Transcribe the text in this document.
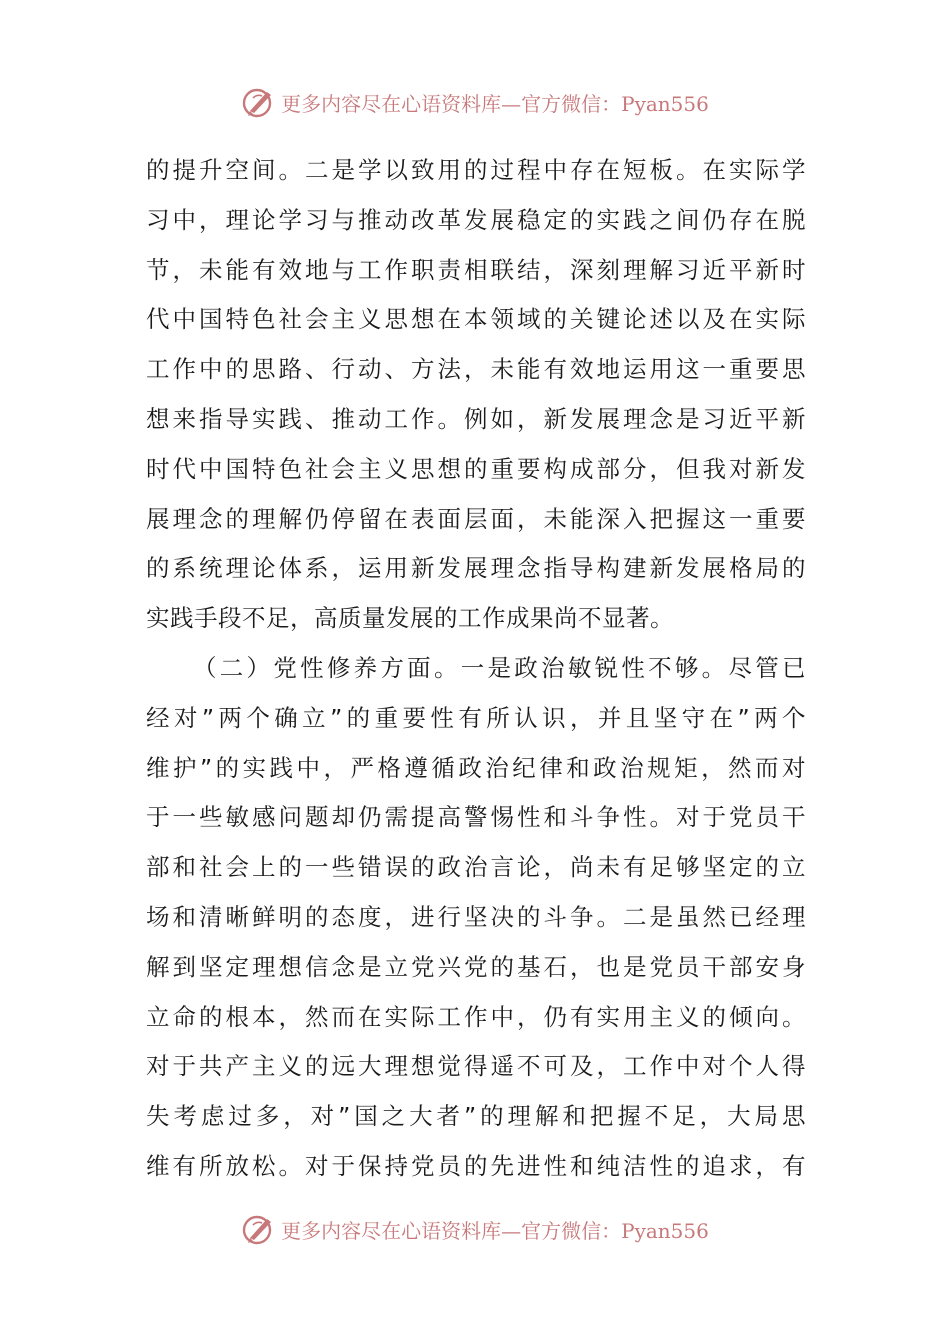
更多内容尽在心语资料库—官方微信：Pyan556
的提升空间。二是学以致用的过程中存在短板。在实际学
习中，理论学习与推动改革发展稳定的实践之间仍存在脱
节，未能有效地与工作职责相联结，深刻理解习近平新时
代中国特色社会主义思想在本领域的关键论述以及在实际
工作中的思路、行动、方法，未能有效地运用这一重要思
想来指导实践、推动工作。例如，新发展理念是习近平新
时代中国特色社会主义思想的重要构成部分，但我对新发
展理念的理解仍停留在表面层面，未能深入把握这一重要
的系统理论体系，运用新发展理念指导构建新发展格局的
实践手段不足，高质量发展的工作成果尚不显著。
（二）党性修养方面。一是政治敏锐性不够。尽管已
经对”两个确立”的重要性有所认识，并且坚守在”两个
维护”的实践中，严格遵循政治纪律和政治规矩，然而对
于一些敏感问题却仍需提高警惕性和斗争性。对于党员干
部和社会上的一些错误的政治言论，尚未有足够坚定的立
场和清晰鲜明的态度，进行坚决的斗争。二是虽然已经理
解到坚定理想信念是立党兴党的基石，也是党员干部安身
立命的根本，然而在实际工作中，仍有实用主义的倾向。
对于共产主义的远大理想觉得遥不可及，工作中对个人得
失考虑过多，对”国之大者”的理解和把握不足，大局思
维有所放松。对于保持党员的先进性和纯洁性的追求，有
更多内容尽在心语资料库—官方微信：Pyan556
